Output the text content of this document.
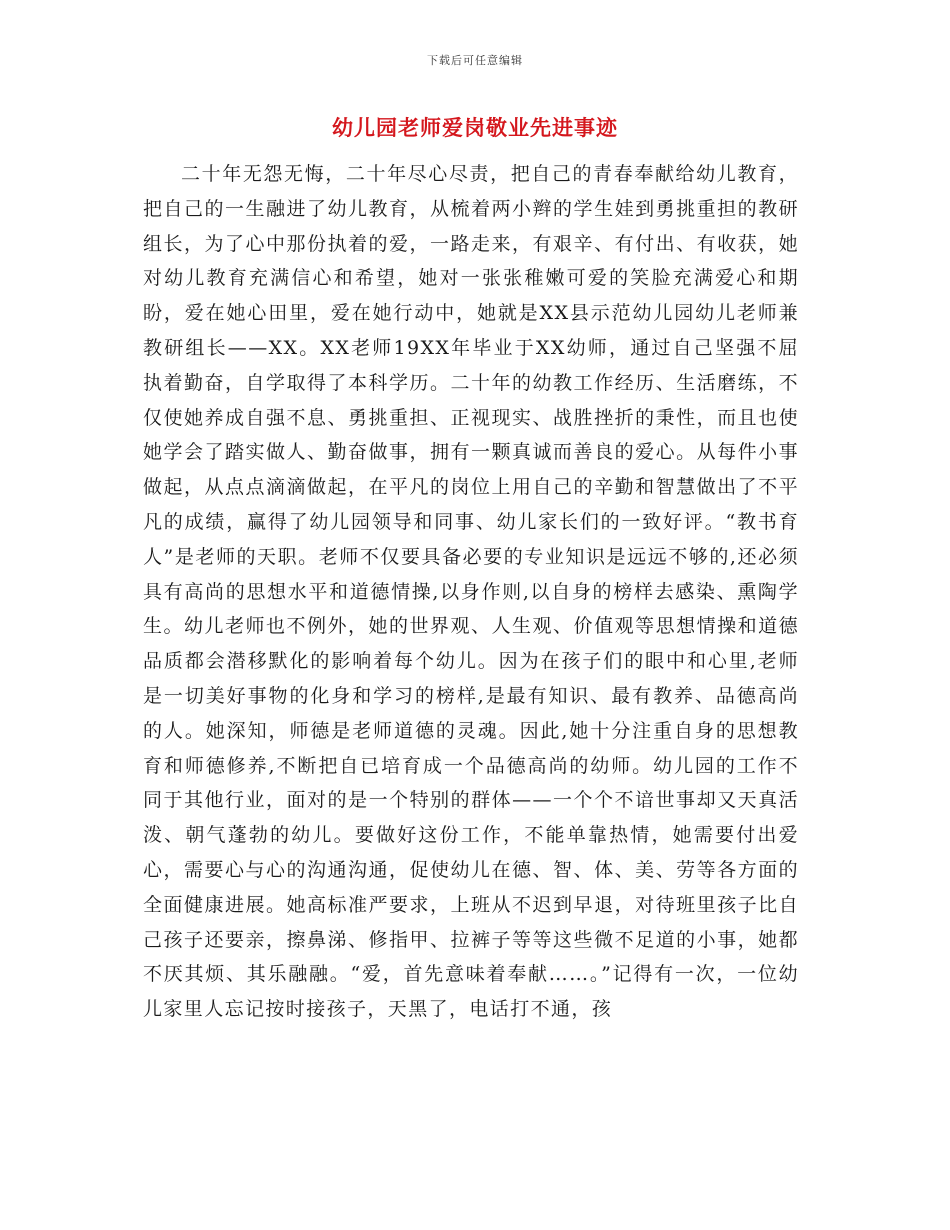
下载后可任意编辑
幼儿园老师爱岗敬业先进事迹

二十年无怨无悔，二十年尽心尽责，把自己的青春奉献给幼儿教育，把自己的一生融进了幼儿教育，从梳着两小辫的学生娃到勇挑重担的教研组长，为了心中那份执着的爱，一路走来，有艰辛、有付出、有收获，她对幼儿教育充满信心和希望，她对一张张稚嫩可爱的笑脸充满爱心和期盼，爱在她心田里，爱在她行动中，她就是XX县示范幼儿园幼儿老师兼教研组长——XX。XX老师19XX年毕业于XX幼师，通过自己坚强不屈执着勤奋，自学取得了本科学历。二十年的幼教工作经历、生活磨练，不仅使她养成自强不息、勇挑重担、正视现实、战胜挫折的秉性，而且也使她学会了踏实做人、勤奋做事，拥有一颗真诚而善良的爱心。从每件小事做起，从点点滴滴做起，在平凡的岗位上用自己的辛勤和智慧做出了不平凡的成绩，赢得了幼儿园领导和同事、幼儿家长们的一致好评。“教书育人”是老师的天职。老师不仅要具备必要的专业知识是远远不够的,还必须具有高尚的思想水平和道德情操,以身作则,以自身的榜样去感染、熏陶学生。幼儿老师也不例外，她的世界观、人生观、价值观等思想情操和道德品质都会潜移默化的影响着每个幼儿。因为在孩子们的眼中和心里,老师是一切美好事物的化身和学习的榜样,是最有知识、最有教养、品德高尚的人。她深知，师德是老师道德的灵魂。因此,她十分注重自身的思想教育和师德修养,不断把自已培育成一个品德高尚的幼师。幼儿园的工作不同于其他行业，面对的是一个特别的群体——一个个不谙世事却又天真活泼、朝气蓬勃的幼儿。要做好这份工作，不能单靠热情，她需要付出爱心，需要心与心的沟通沟通，促使幼儿在德、智、体、美、劳等各方面的全面健康进展。她高标准严要求，上班从不迟到早退，对待班里孩子比自己孩子还要亲，擦鼻涕、修指甲、拉裤子等等这些微不足道的小事，她都不厌其烦、其乐融融。“爱，首先意味着奉献……。”记得有一次，一位幼儿家里人忘记按时接孩子，天黑了，电话打不通，孩
